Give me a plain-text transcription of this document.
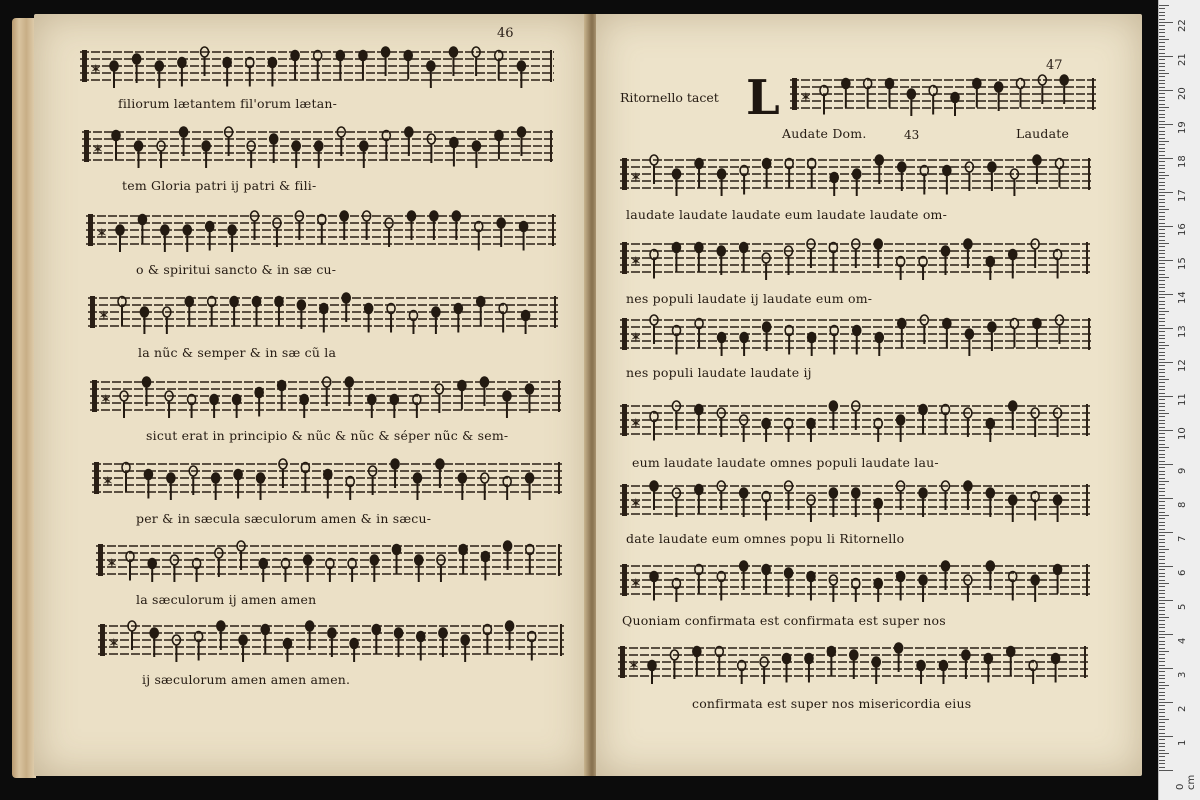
46
47
✶
✶
✶
✶
✶
✶
✶
✶
filiorum lætantem fil'orum lætan-
tem Gloria patri ij patri & fili-
o & spiritui sancto & in sæ cu-
la nũc & semper & in sæ cũ la
sicut erat in principio & nũc & nũc & séper nũc & sem-
per & in sæcula sæculorum amen & in sæcu-
la sæculorum ij amen amen
ij sæculorum amen amen amen.
Ritornello tacet L
Audate Dom.	43	Laudate
✶
✶
✶
✶
✶
✶
✶
✶
laudate laudate laudate eum laudate laudate om-
nes populi laudate ij laudate eum om-
nes populi laudate laudate ij
eum laudate laudate omnes populi laudate lau-
date laudate eum omnes popu li Ritornello
Quoniam confirmata est confirmata est super nos
confirmata est super nos misericordia eius
1
2
3
4
5
6
7
8
9
10
11
12
13
14
15
16
17
18
19
20
21
22
0 cm
